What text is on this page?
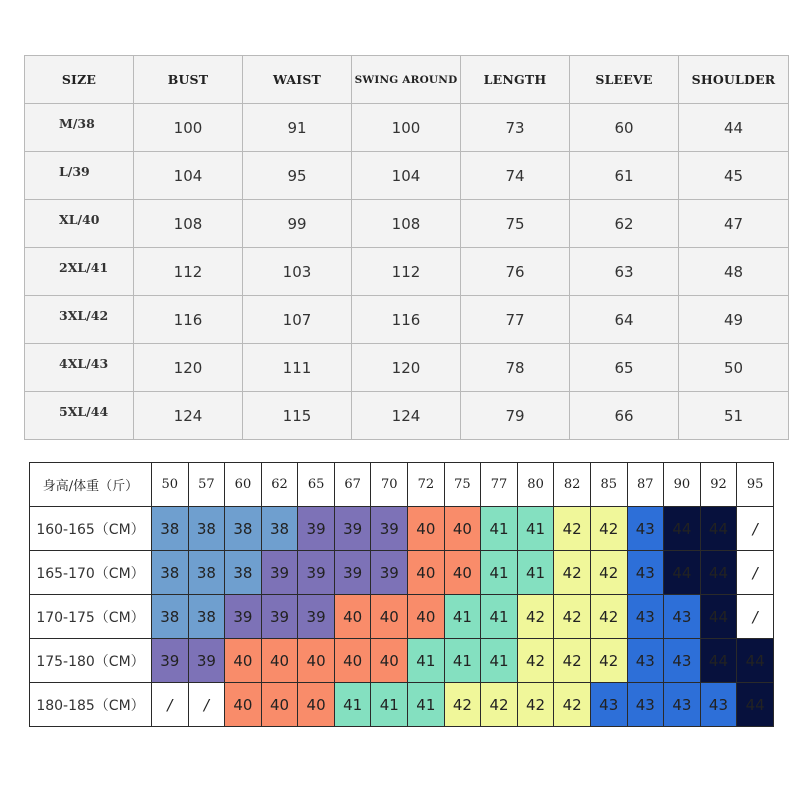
SIZE	BUST	WAIST	SWING AROUND	LENGTH	SLEEVE	SHOULDER
M/38	100	91	100	73	60	44
L/39	104	95	104	74	61	45
XL/40	108	99	108	75	62	47
2XL/41	112	103	112	76	63	48
3XL/42	116	107	116	77	64	49
4XL/43	120	111	120	78	65	50
5XL/44	124	115	124	79	66	51
身高/体重（斤）	50	57	60	62	65	67	70	72	75	77	80	82	85	87	90	92	95
160-165（CM）	38	38	38	38	39	39	39	40	40	41	41	42	42	43	44	44	/
165-170（CM）	38	38	38	39	39	39	39	40	40	41	41	42	42	43	44	44	/
170-175（CM）	38	38	39	39	39	40	40	40	41	41	42	42	42	43	43	44	/
175-180（CM）	39	39	40	40	40	40	40	41	41	41	42	42	42	43	43	44	44
180-185（CM）	/	/	40	40	40	41	41	41	42	42	42	42	43	43	43	43	44
